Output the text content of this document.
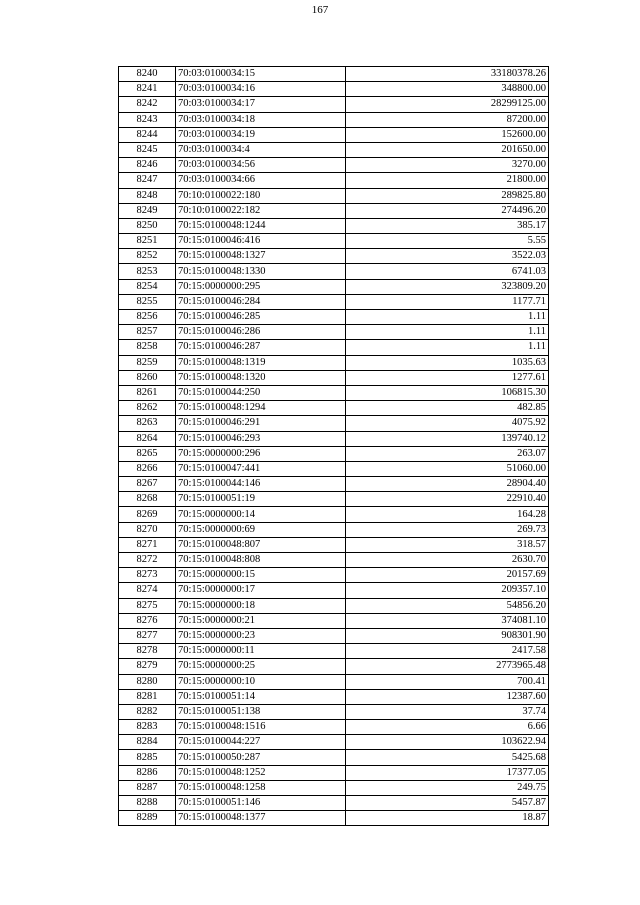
167
8240	70:03:0100034:15	33180378.26
8241	70:03:0100034:16	348800.00
8242	70:03:0100034:17	28299125.00
8243	70:03:0100034:18	87200.00
8244	70:03:0100034:19	152600.00
8245	70:03:0100034:4	201650.00
8246	70:03:0100034:56	3270.00
8247	70:03:0100034:66	21800.00
8248	70:10:0100022:180	289825.80
8249	70:10:0100022:182	274496.20
8250	70:15:0100048:1244	385.17
8251	70:15:0100046:416	5.55
8252	70:15:0100048:1327	3522.03
8253	70:15:0100048:1330	6741.03
8254	70:15:0000000:295	323809.20
8255	70:15:0100046:284	1177.71
8256	70:15:0100046:285	1.11
8257	70:15:0100046:286	1.11
8258	70:15:0100046:287	1.11
8259	70:15:0100048:1319	1035.63
8260	70:15:0100048:1320	1277.61
8261	70:15:0100044:250	106815.30
8262	70:15:0100048:1294	482.85
8263	70:15:0100046:291	4075.92
8264	70:15:0100046:293	139740.12
8265	70:15:0000000:296	263.07
8266	70:15:0100047:441	51060.00
8267	70:15:0100044:146	28904.40
8268	70:15:0100051:19	22910.40
8269	70:15:0000000:14	164.28
8270	70:15:0000000:69	269.73
8271	70:15:0100048:807	318.57
8272	70:15:0100048:808	2630.70
8273	70:15:0000000:15	20157.69
8274	70:15:0000000:17	209357.10
8275	70:15:0000000:18	54856.20
8276	70:15:0000000:21	374081.10
8277	70:15:0000000:23	908301.90
8278	70:15:0000000:11	2417.58
8279	70:15:0000000:25	2773965.48
8280	70:15:0000000:10	700.41
8281	70:15:0100051:14	12387.60
8282	70:15:0100051:138	37.74
8283	70:15:0100048:1516	6.66
8284	70:15:0100044:227	103622.94
8285	70:15:0100050:287	5425.68
8286	70:15:0100048:1252	17377.05
8287	70:15:0100048:1258	249.75
8288	70:15:0100051:146	5457.87
8289	70:15:0100048:1377	18.87
